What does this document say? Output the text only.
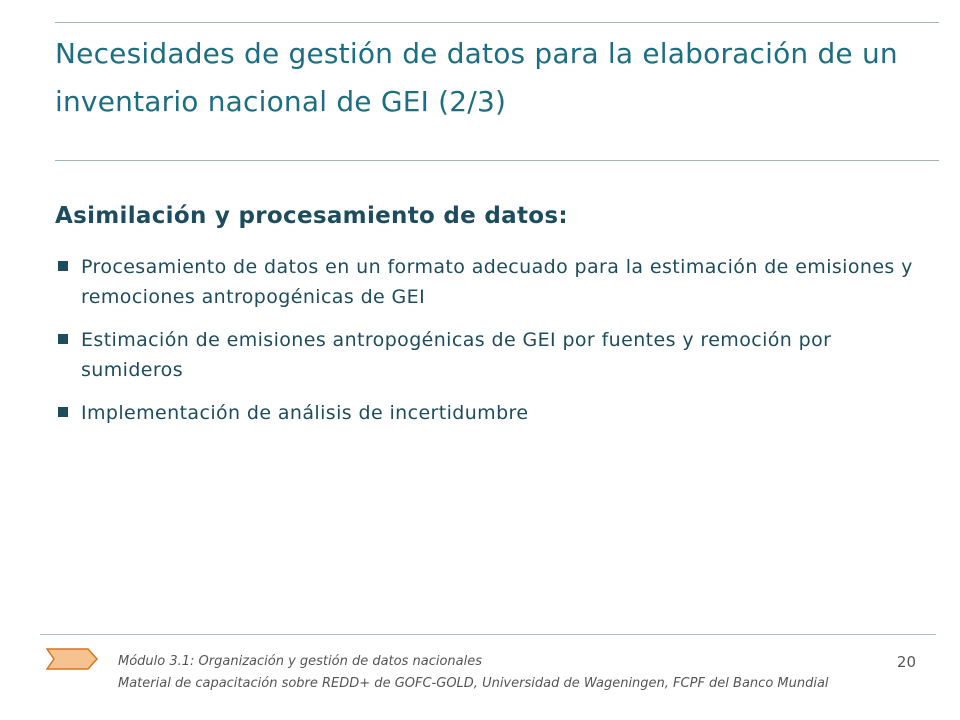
Necesidades de gestión de datos para la elaboración de un inventario nacional de GEI (2/3)
Asimilación y procesamiento de datos:
Procesamiento de datos en un formato adecuado para la estimación de emisiones y remociones antropogénicas de GEI
Estimación de emisiones antropogénicas de GEI por fuentes y remoción por sumideros
Implementación de análisis de incertidumbre
Módulo 3.1: Organización y gestión de datos nacionales
Material de capacitación sobre REDD+ de GOFC-GOLD, Universidad de Wageningen, FCPF del Banco Mundial
20
